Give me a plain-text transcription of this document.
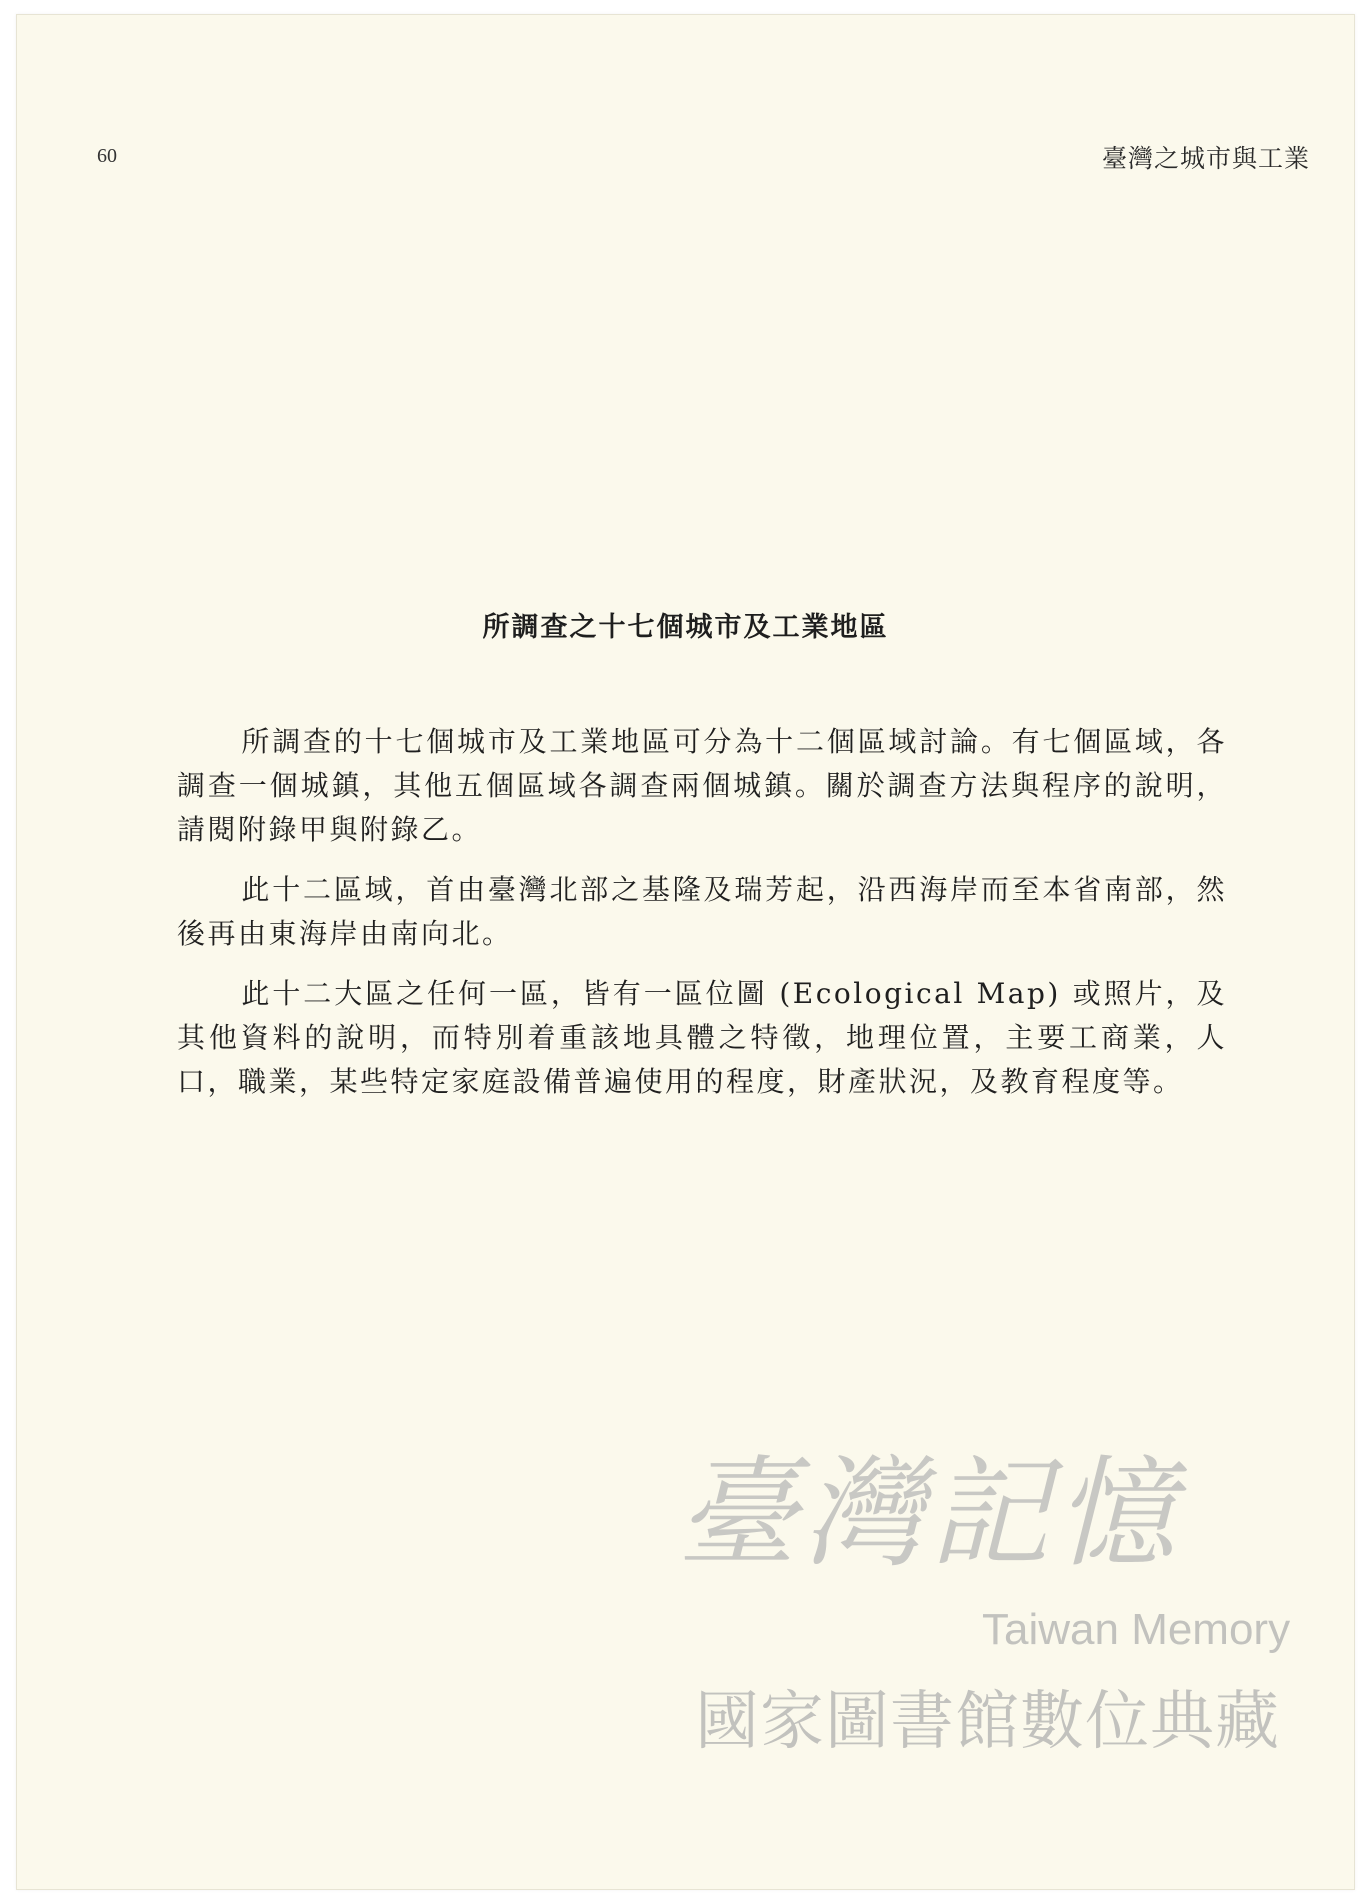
60	臺灣之城市與工業
所調查之十七個城市及工業地區

所調查的十七個城市及工業地區可分為十二個區域討論。有七個區域，各調查一個城鎮，其他五個區域各調查兩個城鎮。關於調查方法與程序的說明，請閱附錄甲與附錄乙。

此十二區域，首由臺灣北部之基隆及瑞芳起，沿西海岸而至本省南部，然後再由東海岸由南向北。

此十二大區之任何一區，皆有一區位圖 (Ecological Map) 或照片，及其他資料的說明，而特別着重該地具體之特徵，地理位置，主要工商業，人口，職業，某些特定家庭設備普遍使用的程度，財產狀況，及教育程度等。

臺灣記憶
Taiwan Memory
國家圖書館數位典藏
